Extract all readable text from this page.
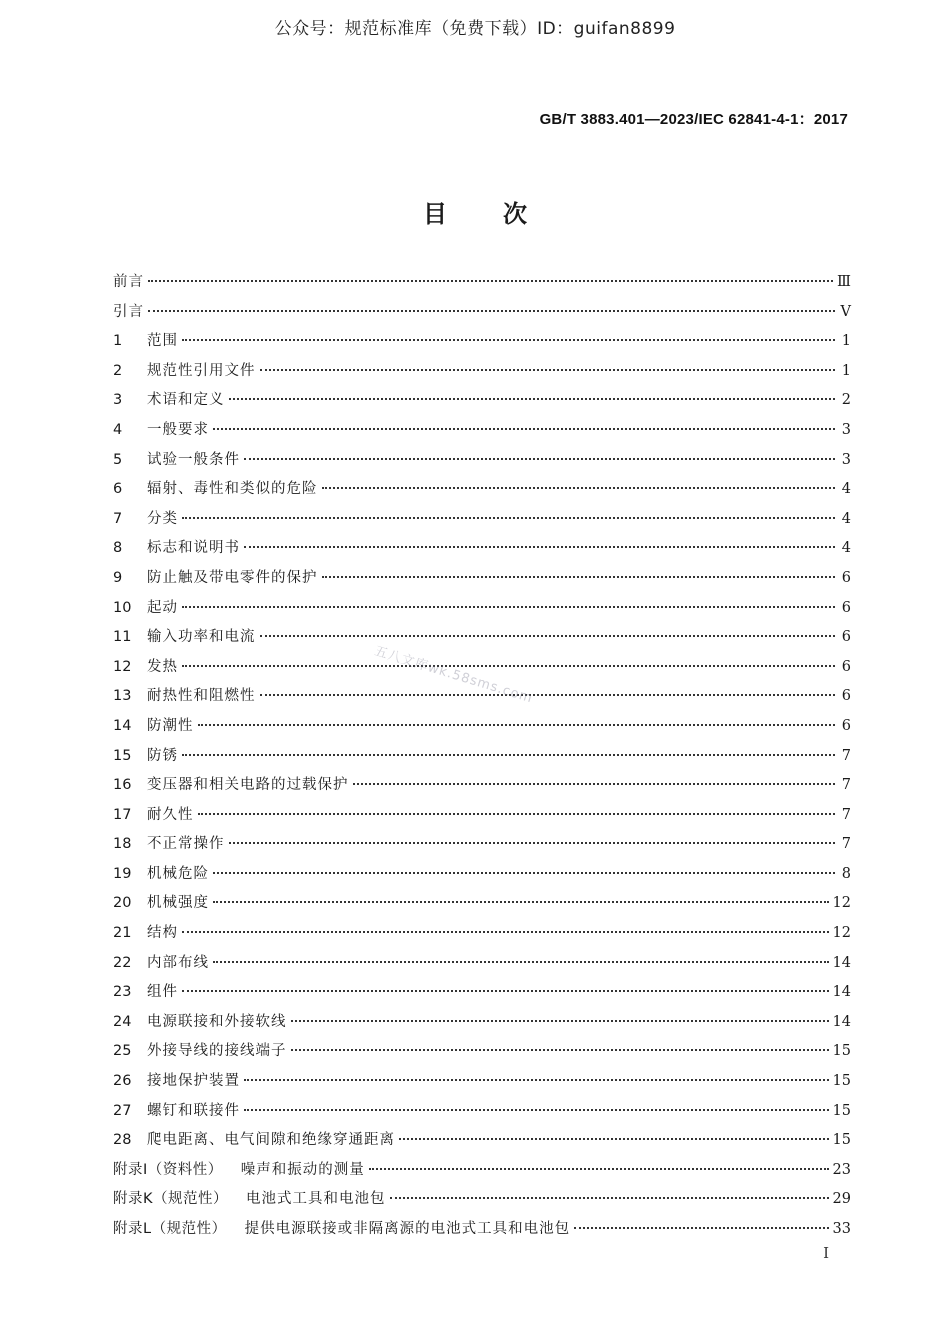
公众号：规范标准库（免费下载）ID：guifan8899
GB/T 3883.401—2023/IEC 62841-4-1：2017
目次
前言	Ⅲ
引言	Ⅴ
1	范围	1
2	规范性引用文件	1
3	术语和定义	2
4	一般要求	3
5	试验一般条件	3
6	辐射、毒性和类似的危险	4
7	分类	4
8	标志和说明书	4
9	防止触及带电零件的保护	6
10	起动	6
11	输入功率和电流	6
12	发热	6
13	耐热性和阻燃性	6
14	防潮性	6
15	防锈	7
16	变压器和相关电路的过载保护	7
17	耐久性	7
18	不正常操作	7
19	机械危险	8
20	机械强度	12
21	结构	12
22	内部布线	14
23	组件	14
24	电源联接和外接软线	14
25	外接导线的接线端子	15
26	接地保护装置	15
27	螺钉和联接件	15
28	爬电距离、电气间隙和绝缘穿通距离	15
附录Ⅰ（资料性） 噪声和振动的测量	23
附录K（规范性） 电池式工具和电池包	29
附录L（规范性） 提供电源联接或非隔离源的电池式工具和电池包	33
五八文库wk.58sms.com
Ⅰ
